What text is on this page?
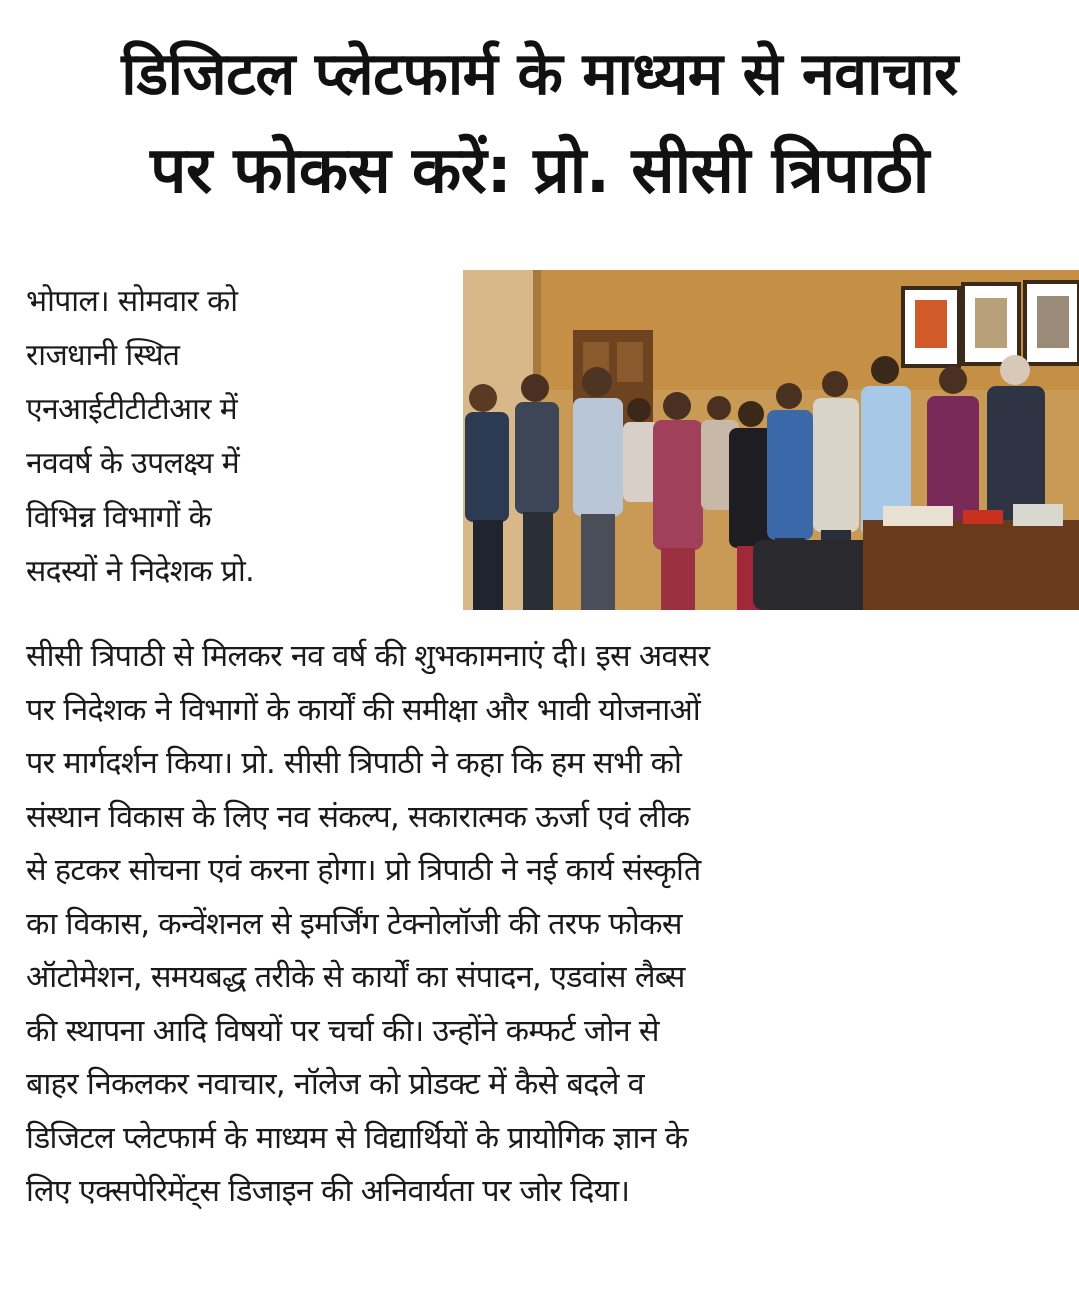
डिजिटल प्लेटफार्म के माध्यम से नवाचार
पर फोकस करें: प्रो. सीसी त्रिपाठी
भोपाल। सोमवार को
राजधानी स्थित
एनआईटीटीटीआर में
नववर्ष के उपलक्ष्य में
विभिन्न विभागों के
सदस्यों ने निदेशक प्रो.
सीसी त्रिपाठी से मिलकर नव वर्ष की शुभकामनाएं दी। इस अवसर
पर निदेशक ने विभागों के कार्यों की समीक्षा और भावी योजनाओं
पर मार्गदर्शन किया। प्रो. सीसी त्रिपाठी ने कहा कि हम सभी को
संस्थान विकास के लिए नव संकल्प, सकारात्मक ऊर्जा एवं लीक
से हटकर सोचना एवं करना होगा। प्रो त्रिपाठी ने नई कार्य संस्कृति
का विकास, कन्वेंशनल से इमर्जिंग टेक्नोलॉजी की तरफ फोकस
ऑटोमेशन, समयबद्ध तरीके से कार्यों का संपादन, एडवांस लैब्स
की स्थापना आदि विषयों पर चर्चा की। उन्होंने कम्फर्ट जोन से
बाहर निकलकर नवाचार, नॉलेज को प्रोडक्ट में कैसे बदले व
डिजिटल प्लेटफार्म के माध्यम से विद्यार्थियों के प्रायोगिक ज्ञान के
लिए एक्सपेरिमेंट्स डिजाइन की अनिवार्यता पर जोर दिया।
